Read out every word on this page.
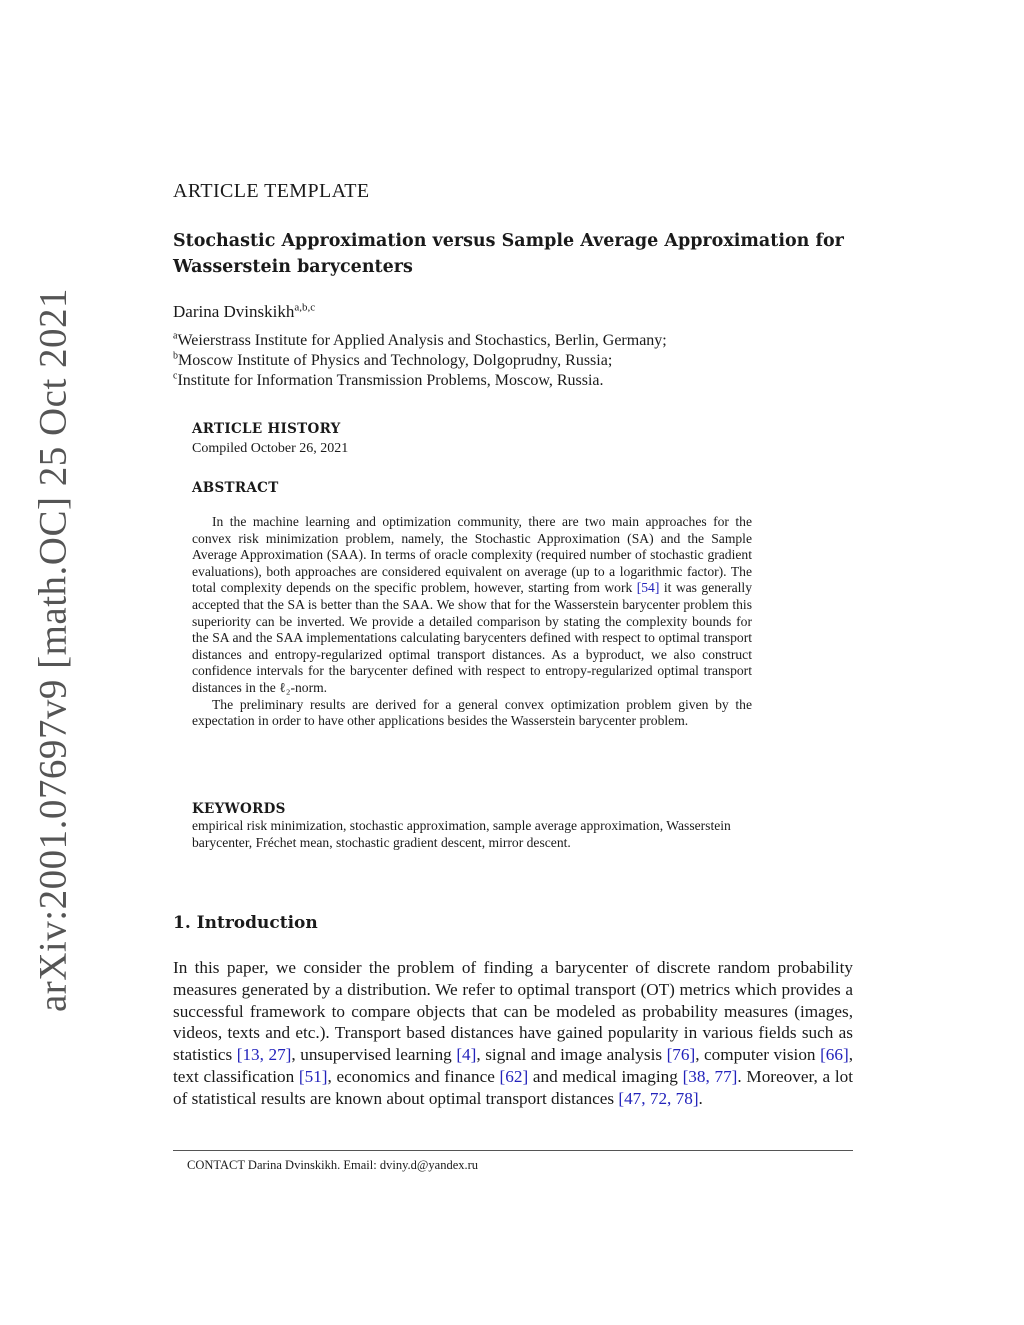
arXiv:2001.07697v9 [math.OC] 25 Oct 2021
ARTICLE TEMPLATE
Stochastic Approximation versus Sample Average Approximation for Wasserstein barycenters
Darina Dvinskikh$^{a,b,c}$
$^a$Weierstrass Institute for Applied Analysis and Stochastics, Berlin, Germany;
$^b$Moscow Institute of Physics and Technology, Dolgoprudny, Russia;
$^c$Institute for Information Transmission Problems, Moscow, Russia.
ARTICLE HISTORY
Compiled October 26, 2021
ABSTRACT

In the machine learning and optimization community, there are two main approaches for the convex risk minimization problem, namely, the Stochastic Approximation (SA) and the Sample Average Approximation (SAA). In terms of oracle complexity (required number of stochastic gradient evaluations), both approaches are considered equivalent on average (up to a logarithmic factor). The total complexity depends on the specific problem, however, starting from work [54] it was generally accepted that the SA is better than the SAA. We show that for the Wasserstein barycenter problem this superiority can be inverted. We provide a detailed comparison by stating the complexity bounds for the SA and the SAA implementations calculating barycenters defined with respect to optimal transport distances and entropy-regularized optimal transport distances. As a byproduct, we also construct confidence intervals for the barycenter defined with respect to entropy-regularized optimal transport distances in the ℓ₂-norm.

The preliminary results are derived for a general convex optimization problem given by the expectation in order to have other applications besides the Wasserstein barycenter problem.

KEYWORDS
empirical risk minimization, stochastic approximation, sample average approximation, Wasserstein barycenter, Fréchet mean, stochastic gradient descent, mirror descent.
1. Introduction

In this paper, we consider the problem of finding a barycenter of discrete random probability measures generated by a distribution. We refer to optimal transport (OT) metrics which provides a successful framework to compare objects that can be modeled as probability measures (images, videos, texts and etc.). Transport based distances have gained popularity in various fields such as statistics [13, 27], unsupervised learning [4], signal and image analysis [76], computer vision [66], text classification [51], economics and finance [62] and medical imaging [38, 77]. Moreover, a lot of statistical results are known about optimal transport distances [47, 72, 78].

CONTACT Darina Dvinskikh. Email: dviny.d@yandex.ru
